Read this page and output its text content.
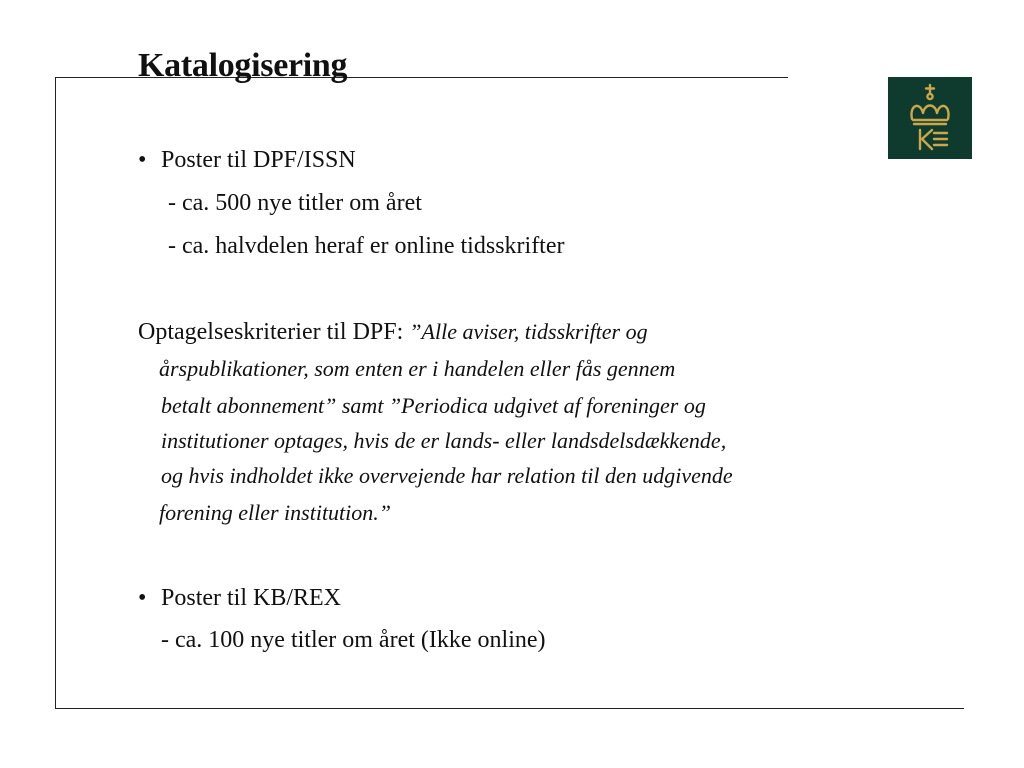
Katalogisering
• Poster til DPF/ISSN
- ca. 500 nye titler om året
- ca. halvdelen heraf er online tidsskrifter
Optagelseskriterier til DPF: ”Alle aviser, tidsskrifter og
årspublikationer, som enten er i handelen eller fås gennem
betalt abonnement” samt ”Periodica udgivet af foreninger og
institutioner optages, hvis de er lands- eller landsdelsdækkende,
og hvis indholdet ikke overvejende har relation til den udgivende
forening eller institution.”
• Poster til KB/REX
- ca. 100 nye titler om året (Ikke online)
